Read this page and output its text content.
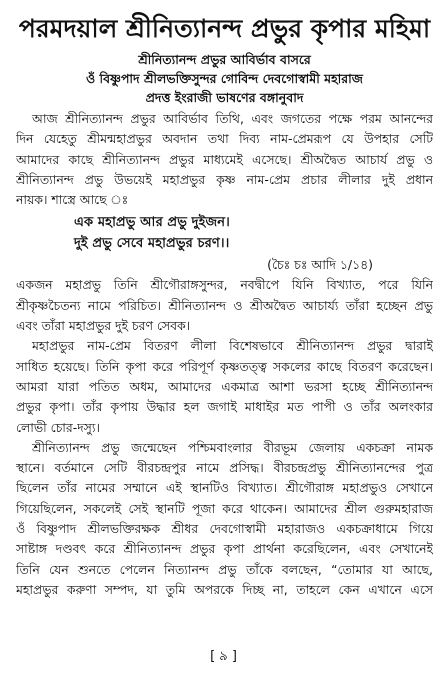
পরমদয়াল শ্রীনিত্যানন্দ প্রভুর কৃপার মহিমা
শ্রীনিত্যানন্দ প্রভুর আবির্ভাব বাসরে
ওঁ বিষ্ণুপাদ শ্রীলভক্তিসুন্দর গোবিন্দ দেবগোস্বামী মহারাজ
প্রদত্ত ইংরাজী ভাষণের বঙ্গানুবাদ
আজ শ্রীনিত্যানন্দ প্রভুর আবির্ভাব তিথি, এবং জগতের পক্ষে পরম আনন্দের
দিন যেহেতু শ্রীমন্মহাপ্রভুর অবদান তথা দিব্য নাম-প্রেমরূপ যে উপহার সেটি
আমাদের কাছে শ্রীনিত্যানন্দ প্রভুর মাধ্যমেই এসেছে। শ্রীঅদ্বৈত আচার্য প্রভু ও
শ্রীনিত্যানন্দ প্রভু উভয়েই মহাপ্রভুর কৃষ্ণ নাম-প্রেম প্রচার লীলার দুই প্রধান
নায়ক। শাস্ত্রে আছে ঃ
এক মহাপ্রভু আর প্রভু দুইজন।
দুই প্রভু সেবে মহাপ্রভুর চরণ।।
(চৈঃ চঃ আদি ১/১৪)
একজন মহাপ্রভু তিনি শ্রীগৌরাঙ্গসুন্দর, নবদ্বীপে যিনি বিখ্যাত, পরে যিনি
শ্রীকৃষ্ণচৈতন্য নামে পরিচিত। শ্রীনিত্যানন্দ ও শ্রীঅদ্বৈত আচার্য্য তাঁরা হচ্ছেন প্রভু
এবং তাঁরা মহাপ্রভুর দুই চরণ সেবক।
মহাপ্রভুর নাম-প্রেম বিতরণ লীলা বিশেষভাবে শ্রীনিত্যানন্দ প্রভুর দ্বারাই
সাধিত হয়েছে। তিনি কৃপা করে পরিপূর্ণ কৃষ্ণতত্ত্ব সকলের কাছে বিতরণ করেছেন।
আমরা যারা পতিত অধম, আমাদের একমাত্র আশা ভরসা হচ্ছে শ্রীনিত্যানন্দ
প্রভুর কৃপা। তাঁর কৃপায় উদ্ধার হল জগাই মাধাইর মত পাপী ও তাঁর অলংকার
লোভী চোর-দস্যু।
শ্রীনিত্যানন্দ প্রভু জন্মেছেন পশ্চিমবাংলার বীরভূম জেলায় একচক্রা নামক
স্থানে। বর্তমানে সেটি বীরচন্দ্রপুর নামে প্রসিদ্ধ। বীরচন্দ্রপ্রভু শ্রীনিত্যানন্দের পুত্র
ছিলেন তাঁর নামের সম্মানে এই স্থানটিও বিখ্যাত। শ্রীগৌরাঙ্গ মহাপ্রভুও সেখানে
গিয়েছিলেন, সকলেই সেই স্থানটি পূজা করে থাকেন। আমাদের শ্রীল গুরুমহারাজ
ওঁ বিষ্ণুপাদ শ্রীলভক্তিরক্ষক শ্রীধর দেবগোস্বামী মহারাজও একচক্রাধামে গিয়ে
সাষ্টাঙ্গ দণ্ডবৎ করে শ্রীনিত্যানন্দ প্রভুর কৃপা প্রার্থনা করেছিলেন, এবং সেখানেই
তিনি যেন শুনতে পেলেন নিত্যানন্দ প্রভু তাঁকে বলছেন, “তোমার যা আছে,
মহাপ্রভুর করুণা সম্পদ, যা তুমি অপরকে দিচ্ছ না, তাহলে কেন এখানে এসে
[ ৯ ]
